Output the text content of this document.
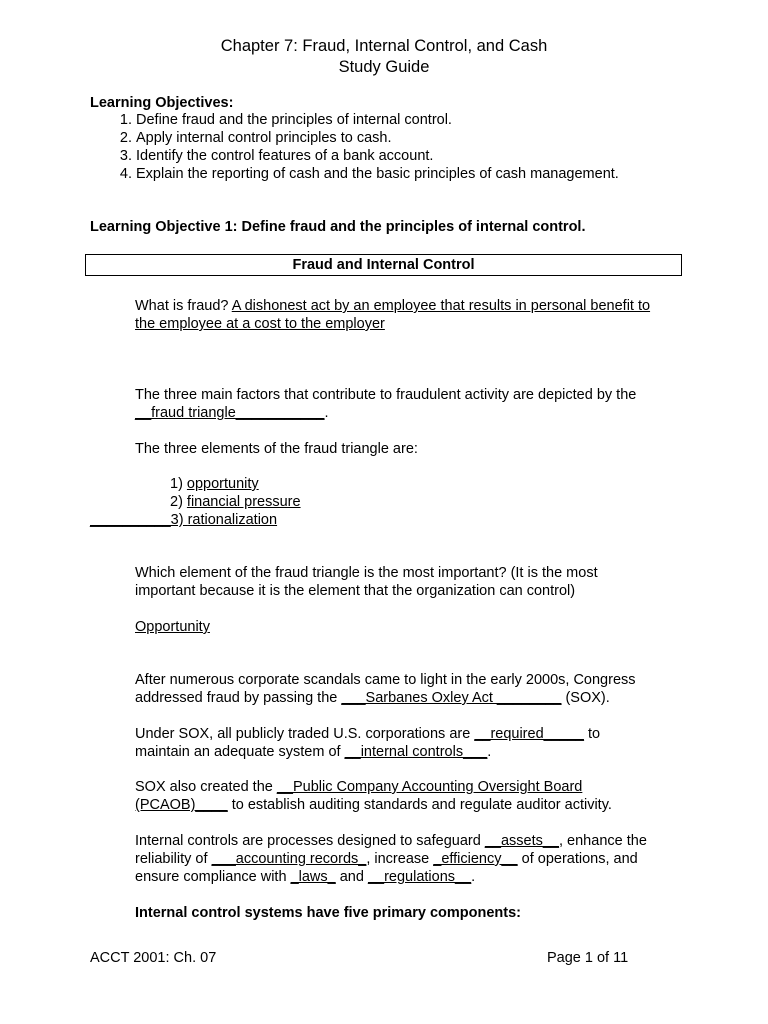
Chapter 7: Fraud, Internal Control, and Cash
Study Guide
Learning Objectives:
1. Define fraud and the principles of internal control.
2. Apply internal control principles to cash.
3. Identify the control features of a bank account.
4. Explain the reporting of cash and the basic principles of cash management.
Learning Objective 1: Define fraud and the principles of internal control.
Fraud and Internal Control
What is fraud? A dishonest act by an employee that results in personal benefit to
the employee at a cost to the employer
The three main factors that contribute to fraudulent activity are depicted by the
__fraud triangle___________.
The three elements of the fraud triangle are:
1) opportunity
2) financial pressure
__________3) rationalization
Which element of the fraud triangle is the most important? (It is the most
important because it is the element that the organization can control)
Opportunity
After numerous corporate scandals came to light in the early 2000s, Congress
addressed fraud by passing the ___Sarbanes Oxley Act ________ (SOX).
Under SOX, all publicly traded U.S. corporations are __required_____ to
maintain an adequate system of __internal controls___.
SOX also created the __Public Company Accounting Oversight Board
(PCAOB)____ to establish auditing standards and regulate auditor activity.
Internal controls are processes designed to safeguard __assets__, enhance the
reliability of ___accounting records_, increase _efficiency__ of operations, and
ensure compliance with _laws_ and __regulations__.
Internal control systems have five primary components:
ACCT 2001: Ch. 07	Page 1 of 11
